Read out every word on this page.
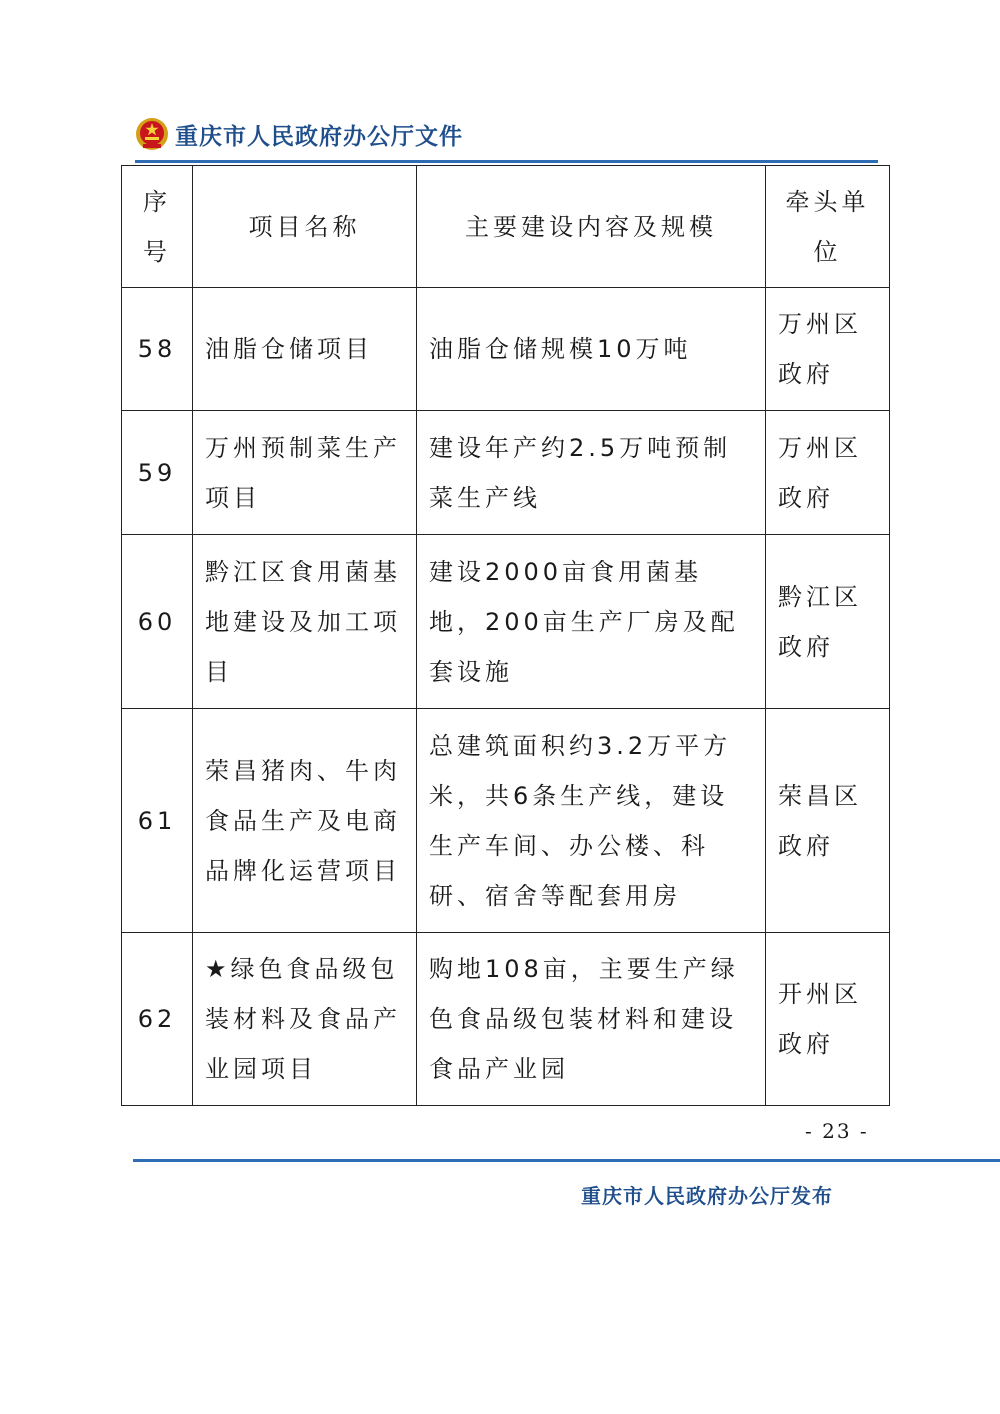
重庆市人民政府办公厅文件
序号	项目名称	主要建设内容及规模	牵头单位
58	油脂仓储项目	油脂仓储规模10万吨	万州区政府
59	万州预制菜生产项目	建设年产约2.5万吨预制菜生产线	万州区政府
60	黔江区食用菌基地建设及加工项目	建设2000亩食用菌基地，200亩生产厂房及配套设施	黔江区政府
61	荣昌猪肉、牛肉食品生产及电商品牌化运营项目	总建筑面积约3.2万平方米，共6条生产线，建设生产车间、办公楼、科研、宿舍等配套用房	荣昌区政府
62	★绿色食品级包装材料及食品产业园项目	购地108亩，主要生产绿色食品级包装材料和建设食品产业园	开州区政府
- 23 -
重庆市人民政府办公厅发布
